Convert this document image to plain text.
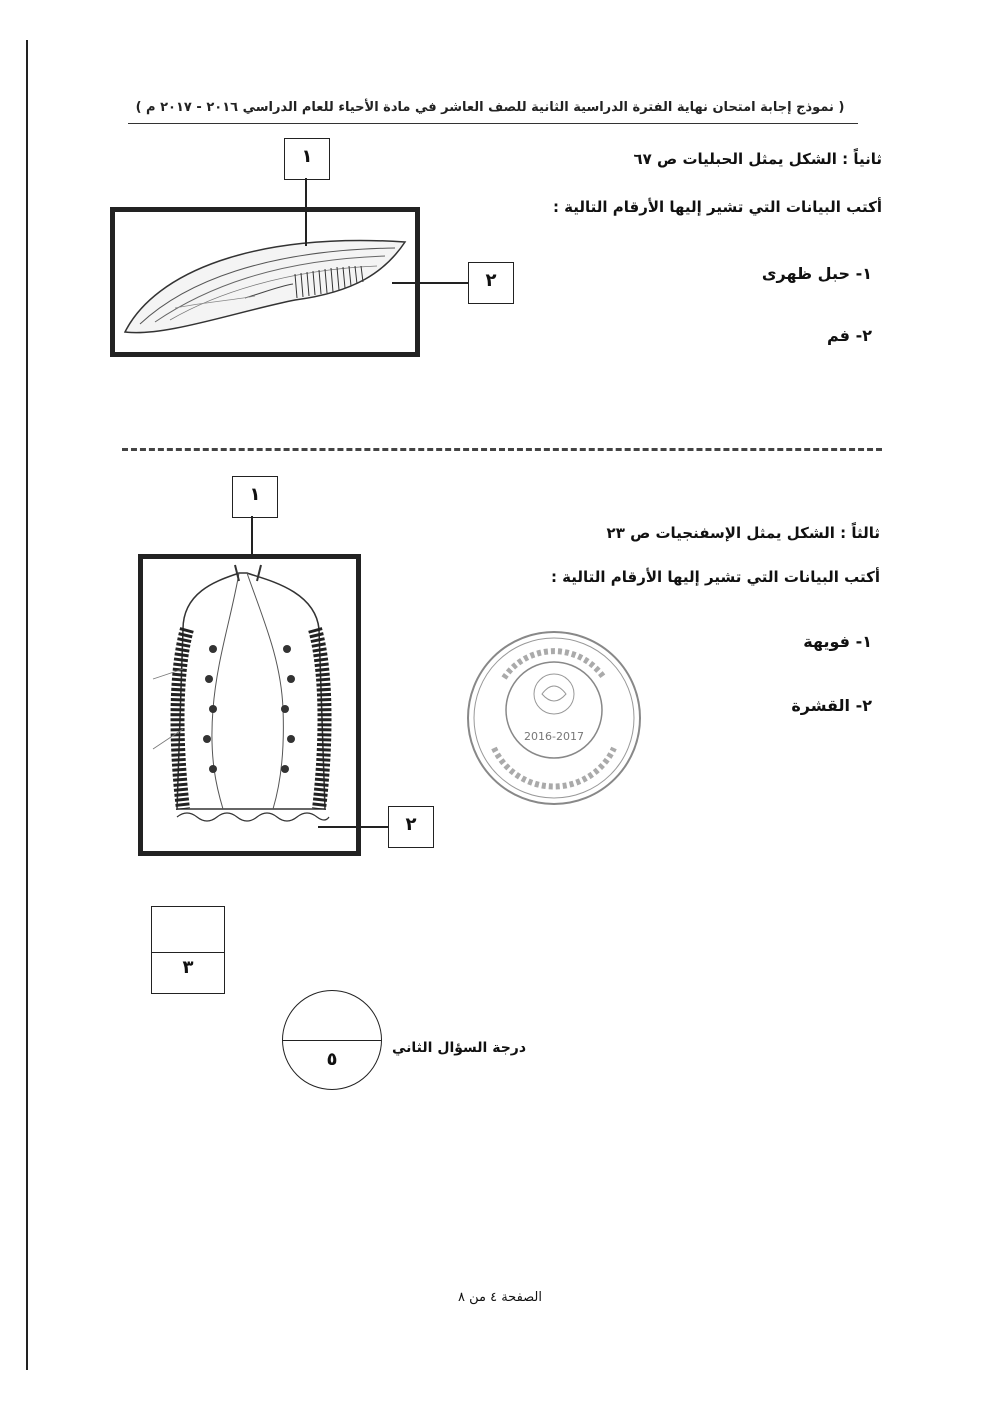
( نموذج إجابة امتحان نهاية الفترة الدراسية الثانية للصف العاشر في مادة الأحياء للعام الدراسي ٢٠١٦ - ٢٠١٧ م )
١
٢
ثانياً : الشكل يمثل الحبليات ص ٦٧
أكتب البيانات التي تشير إليها الأرقام التالية :
١- حبل ظهرى
٢- فم
١
٢
ثالثاً : الشكل يمثل الإسفنجيات ص ٢٣
أكتب البيانات التي تشير إليها الأرقام التالية :
١- فويهة
٢- القشرة
2016-2017
٣
٥
درجة السؤال الثاني
الصفحة ٤ من ٨
